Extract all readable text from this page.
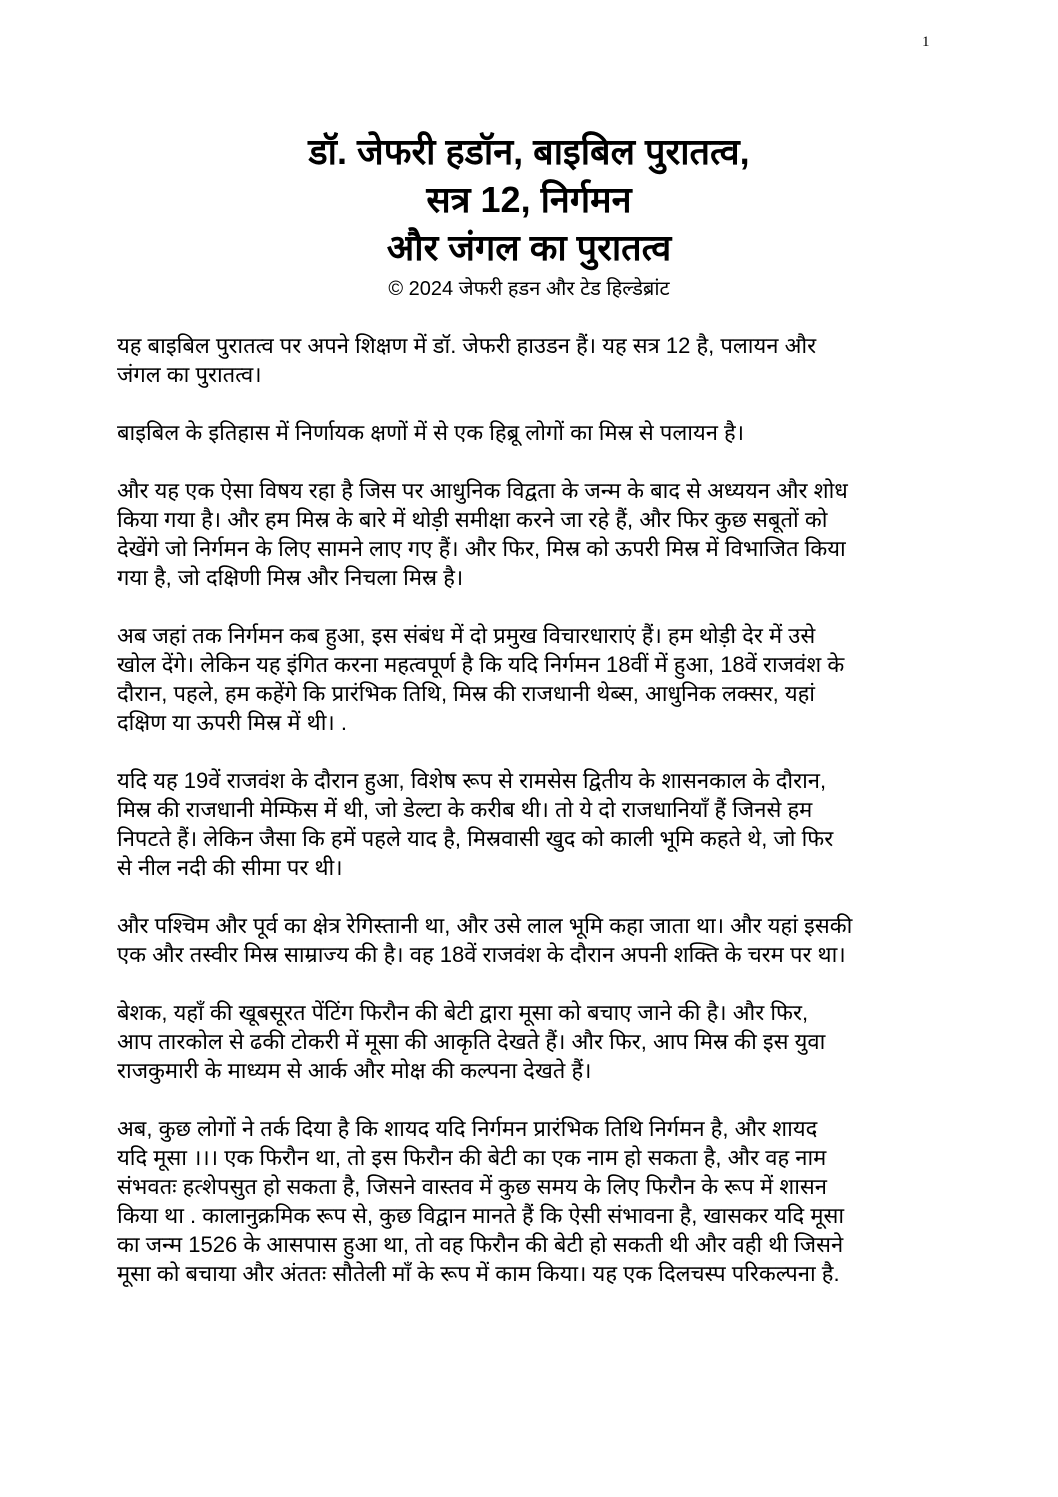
1
डॉ. जेफरी हडॉन, बाइबिल पुरातत्व,
सत्र 12, निर्गमन
और जंगल का पुरातत्व
© 2024 जेफरी हडन और टेड हिल्डेब्रांट
यह बाइबिल पुरातत्व पर अपने शिक्षण में डॉ. जेफरी हाउडन हैं। यह सत्र 12 है, पलायन और
जंगल का पुरातत्व।
बाइबिल के इतिहास में निर्णायक क्षणों में से एक हिब्रू लोगों का मिस्र से पलायन है।
और यह एक ऐसा विषय रहा है जिस पर आधुनिक विद्वता के जन्म के बाद से अध्ययन और शोध
किया गया है। और हम मिस्र के बारे में थोड़ी समीक्षा करने जा रहे हैं, और फिर कुछ सबूतों को
देखेंगे जो निर्गमन के लिए सामने लाए गए हैं। और फिर, मिस्र को ऊपरी मिस्र में विभाजित किया
गया है, जो दक्षिणी मिस्र और निचला मिस्र है।
अब जहां तक निर्गमन कब हुआ, इस संबंध में दो प्रमुख विचारधाराएं हैं। हम थोड़ी देर में उसे
खोल देंगे। लेकिन यह इंगित करना महत्वपूर्ण है कि यदि निर्गमन 18वीं में हुआ, 18वें राजवंश के
दौरान, पहले, हम कहेंगे कि प्रारंभिक तिथि, मिस्र की राजधानी थेब्स, आधुनिक लक्सर, यहां
दक्षिण या ऊपरी मिस्र में थी। .
यदि यह 19वें राजवंश के दौरान हुआ, विशेष रूप से रामसेस द्वितीय के शासनकाल के दौरान,
मिस्र की राजधानी मेम्फिस में थी, जो डेल्टा के करीब थी। तो ये दो राजधानियाँ हैं जिनसे हम
निपटते हैं। लेकिन जैसा कि हमें पहले याद है, मिस्रवासी खुद को काली भूमि कहते थे, जो फिर
से नील नदी की सीमा पर थी।
और पश्चिम और पूर्व का क्षेत्र रेगिस्तानी था, और उसे लाल भूमि कहा जाता था। और यहां इसकी
एक और तस्वीर मिस्र साम्राज्य की है। वह 18वें राजवंश के दौरान अपनी शक्ति के चरम पर था।
बेशक, यहाँ की खूबसूरत पेंटिंग फिरौन की बेटी द्वारा मूसा को बचाए जाने की है। और फिर,
आप तारकोल से ढकी टोकरी में मूसा की आकृति देखते हैं। और फिर, आप मिस्र की इस युवा
राजकुमारी के माध्यम से आर्क और मोक्ष की कल्पना देखते हैं।
अब, कुछ लोगों ने तर्क दिया है कि शायद यदि निर्गमन प्रारंभिक तिथि निर्गमन है, और शायद
यदि मूसा ।।। एक फिरौन था, तो इस फिरौन की बेटी का एक नाम हो सकता है, और वह नाम
संभवतः हत्शेपसुत हो सकता है, जिसने वास्तव में कुछ समय के लिए फिरौन के रूप में शासन
किया था . कालानुक्रमिक रूप से, कुछ विद्वान मानते हैं कि ऐसी संभावना है, खासकर यदि मूसा
का जन्म 1526 के आसपास हुआ था, तो वह फिरौन की बेटी हो सकती थी और वही थी जिसने
मूसा को बचाया और अंततः सौतेली माँ के रूप में काम किया। यह एक दिलचस्प परिकल्पना है.
